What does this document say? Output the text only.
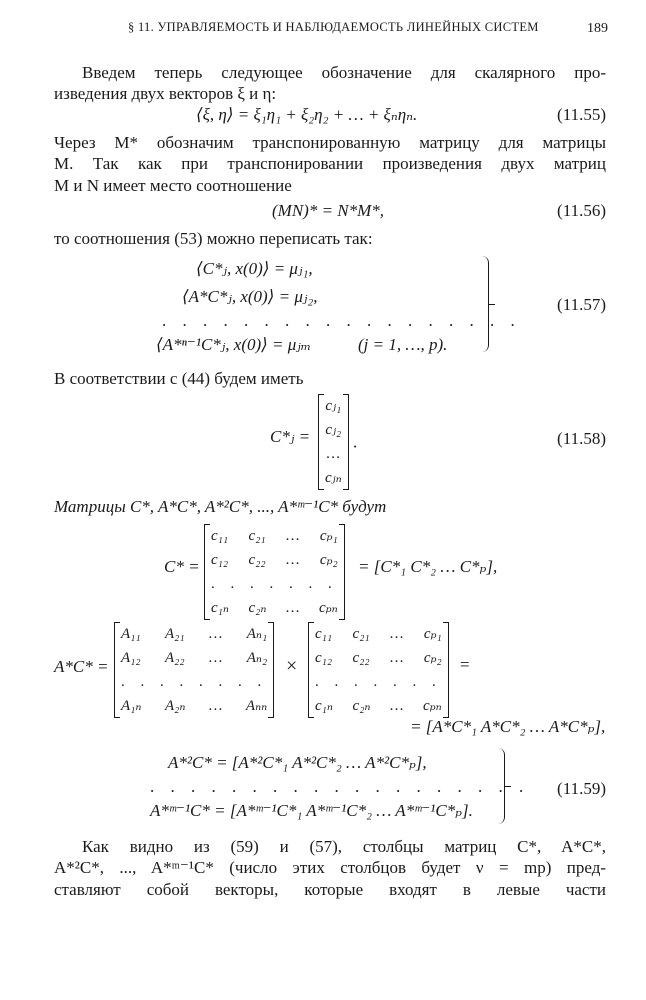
§ 11. УПРАВЛЯЕМОСТЬ И НАБЛЮДАЕМОСТЬ ЛИНЕЙНЫХ СИСТЕМ	189
Введем теперь следующее обозначение для скалярного про-
изведения двух векторов ξ и η:
⟨ξ, η⟩ = ξ₁η₁ + ξ₂η₂ + … + ξₙηₙ.	(11.55)
Через M* обозначим транспонированную матрицу для матрицы
M. Так как при транспонировании произведения двух матриц
M и N имеет место соотношение
(MN)* = N*M*,	(11.56)
то соотношения (53) можно переписать так:
⟨C*ⱼ, x(0)⟩ = μⱼ₁,
⟨A*C*ⱼ, x(0)⟩ = μⱼ₂,
. . . . . . . . . . . . . . . . . .
⟨A*ⁿ⁻¹C*ⱼ, x(0)⟩ = μⱼₘ	(j = 1, …, p).
(11.57)
В соответствии с (44) будем иметь
C*ⱼ =
cⱼ₁
cⱼ₂
…
cⱼₙ
.	(11.58)
Матрицы C*, A*C*, A*²C*, ..., A*ᵐ⁻¹C* будут
C* =
c₁₁ c₂₁ … cₚ₁
c₁₂ c₂₂ … cₚ₂
. . . . . . .
c₁ₙ c₂ₙ … cₚₙ
= [C*₁ C*₂ … C*ₚ],
A*C* =
A₁₁ A₂₁ … Aₙ₁
A₁₂ A₂₂ … Aₙ₂
. . . . . . . .
A₁ₙ A₂ₙ … Aₙₙ
×
c₁₁ c₂₁ … cₚ₁
c₁₂ c₂₂ … cₚ₂
. . . . . . .
c₁ₙ c₂ₙ … cₚₙ
=
= [A*C*₁ A*C*₂ … A*C*ₚ],
A*²C* = [A*²C*₁ A*²C*₂ … A*²C*ₚ],
. . . . . . . . . . . . . . . . . . .
A*ᵐ⁻¹C* = [A*ᵐ⁻¹C*₁ A*ᵐ⁻¹C*₂ … A*ᵐ⁻¹C*ₚ].
(11.59)
Как видно из (59) и (57), столбцы матриц C*, A*C*,
A*²C*, ..., A*ᵐ⁻¹C* (число этих столбцов будет ν = mp) пред-
ставляют собой векторы, которые входят в левые части
